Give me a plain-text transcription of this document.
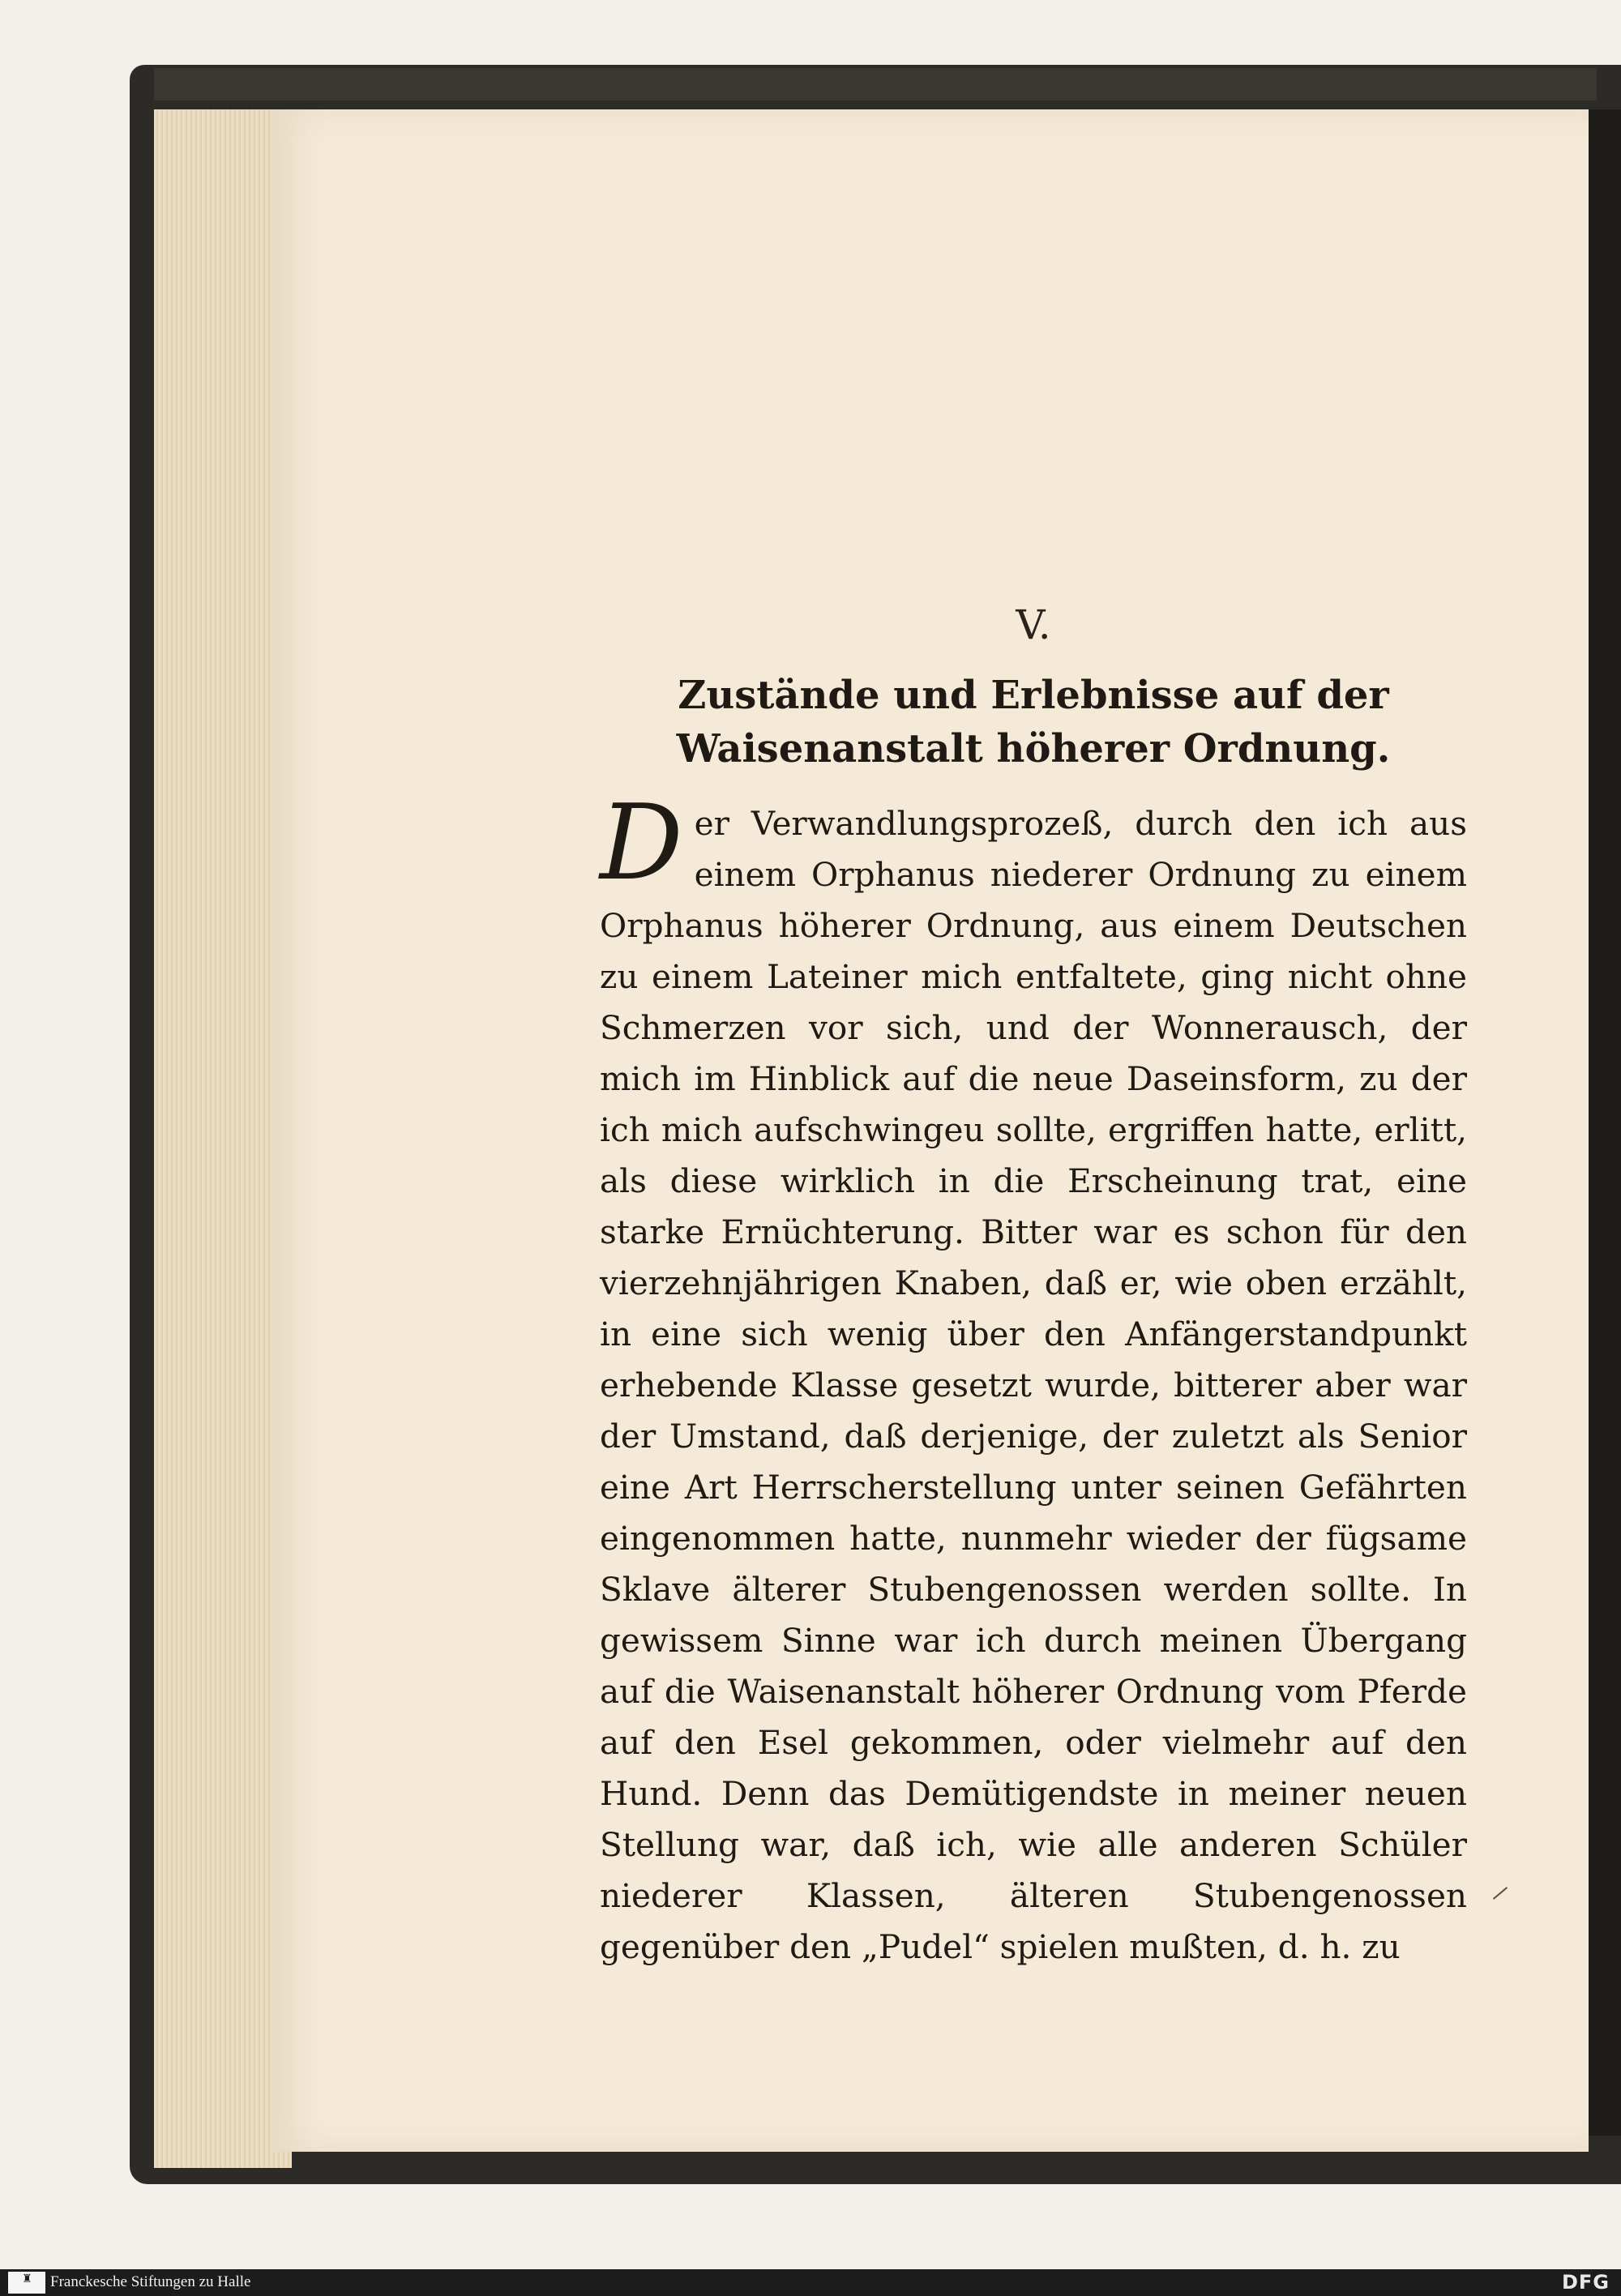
V.
Zustände und Erlebnisse auf der Waisenanstalt höherer Ordnung.
D er Verwandlungsprozeß, durch den ich aus einem Orphanus niederer Ordnung zu einem Orphanus höherer Ordnung, aus einem Deutschen zu einem Lateiner mich entfaltete, ging nicht ohne Schmerzen vor sich, und der Wonnerausch, der mich im Hinblick auf die neue Daseinsform, zu der ich mich aufschwingeu sollte, ergriffen hatte, erlitt, als diese wirklich in die Erscheinung trat, eine starke Ernüchterung. Bitter war es schon für den vierzehnjährigen Knaben, daß er, wie oben erzählt, in eine sich wenig über den Anfängerstandpunkt erhebende Klasse gesetzt wurde, bitterer aber war der Umstand, daß derjenige, der zuletzt als Senior eine Art Herrscherstellung unter seinen Gefährten eingenommen hatte, nunmehr wieder der fügsame Sklave älterer Stubengenossen werden sollte. In gewissem Sinne war ich durch meinen Übergang auf die Waisenanstalt höherer Ordnung vom Pferde auf den Esel gekommen, oder vielmehr auf den Hund. Denn das Demütigendste in meiner neuen Stellung war, daß ich, wie alle anderen Schüler niederer Klassen, älteren Stubengenossen gegenüber den „Pudel“ spielen mußten, d. h. zu
♜ Franckesche Stiftungen zu Halle	DFG
